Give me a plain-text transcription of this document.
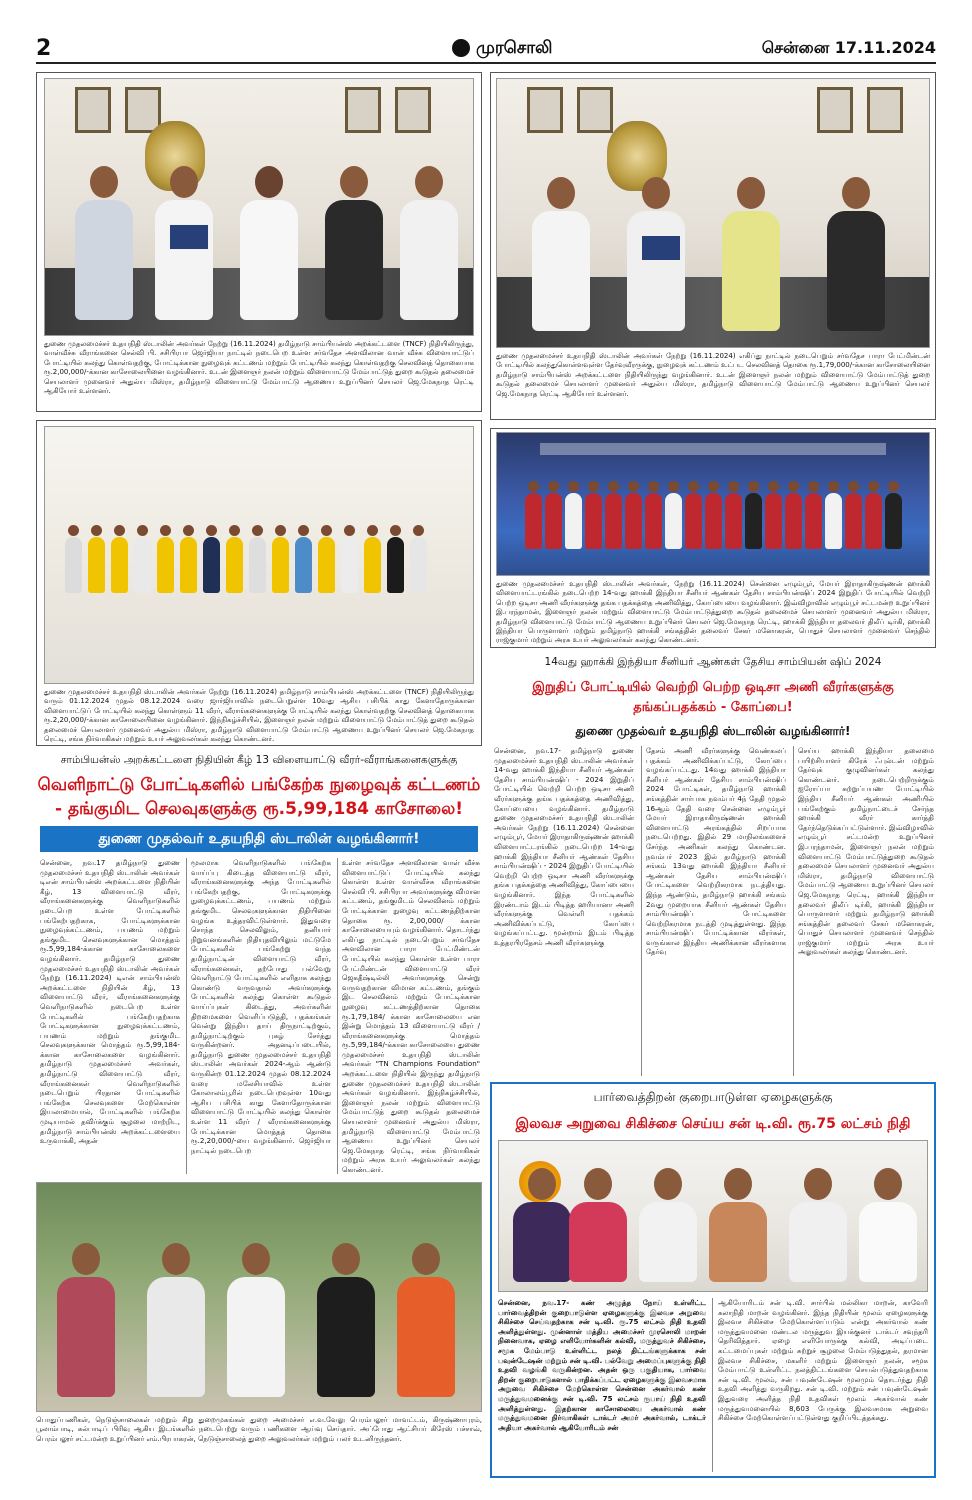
2	முரசொலி	சென்னை 17.11.2024
துணை முதலமைச்சர் உதயநிதி ஸ்டாலின் அவர்கள் நேற்று (16.11.2024) தமிழ்நாடு சாம்பியன்ஸ் அறக்கட்டளை (TNCF) நிதியிலிருந்து, வாள்வீச்சு வீராங்கனை செல்வி பி. சசிபிரபா ஜெர்ஜியா நாட்டில் நடைபெற உள்ள சர்வதேச அளவிலான வாள் வீச்சு விளையாட்டுப் போட்டியில் கலந்து கொள்வதற்கு, போட்டிக்கான நுழைவுக் கட்டணம் மற்றும் போட்டியில் கலந்து கொள்வதற்கு செலவினத் தொகையாக ரூ.2,00,000/-க்கான காசோலையினை வழங்கினார். உடன் இளைஞர் நலன் மற்றும் விளையாட்டு மேம்பாட்டுத் துறை கூடுதல் தலைமைச் செயலாளர் முனைவர் அதுல்ய மிஸ்ரா, தமிழ்நாடு விளையாட்டு மேம்பாட்டு ஆணைய உறுப்பினர் செயலர் ஜெ.மேகநாத ரெட்டி ஆகியோர் உள்ளனர்.
துணை முதலமைச்சர் உதயநிதி ஸ்டாலின் அவர்கள் நேற்று (16.11.2024) எகிப்து நாட்டில் நடைபெறும் சர்வதேச பாரா பேட்மின்டன் போட்டியில் கலந்துகொள்ளவுள்ள தேர்வுவீரருக்கு, நுழைவுக் கட்டணம் உட்பட செலவினத் தொகை ரூ.1,79,000/-க்கான காசோலையினை தமிழ்நாடு சாம்பியன்ஸ் அறக்கட்டளை நிதியிலிருந்து வழங்கினார். உடன் இளைஞர் நலன் மற்றும் விளையாட்டு மேம்பாட்டுத் துறை கூடுதல் தலைமைச் செயலாளர் முனைவர் அதுல்ய மிஸ்ரா, தமிழ்நாடு விளையாட்டு மேம்பாட்டு ஆணைய உறுப்பினர் செயலர் ஜெ.மேகநாத ரெட்டி ஆகியோர் உள்ளனர்.
துணை முதலமைச்சர் உதயநிதி ஸ்டாலின் அவர்கள் நேற்று (16.11.2024) தமிழ்நாடு சாம்பியன்ஸ் அறக்கட்டளை (TNCF) நிதியிலிருந்து வரும் 01.12.2024 முதல் 08.12.2024 வரை ஜார்ஜியாவில் நடைபெறுள்ள 10வது ஆசிய பசிபிக் காது கேளாதோருக்கான விளையாட்டுப் போட்டியில் கலந்து கொள்ளும் 11 வீரர், வீராங்கனைகளுக்கு போட்டியில் கலந்து கொள்வதற்கு செலவினத் தொகையாக ரூ.2,20,000/-க்கான காசோலையினை வழங்கினார். இந்நிகழ்ச்சியில், இளைஞர் நலன் மற்றும் விளையாட்டு மேம்பாட்டுத் துறை கூடுதல் தலைமைச் செயலாளர் முனைவர் அதுல்ய மிஸ்ரா, தமிழ்நாடு விளையாட்டு மேம்பாட்டு ஆணைய உறுப்பினர் செயலர் ஜெ.மேகநாத ரெட்டி, சங்க நிர்வாகிகள் மற்றும் உயர் அலுவலர்கள் கலந்து கொண்டனர்.
துணை முதலமைச்சர் உதயநிதி ஸ்டாலின் அவர்கள், நேற்று (16.11.2024) சென்னை எழும்பூர், மேயர் இராதாகிருஷ்ணன் ஹாக்கி விளையாட்டரங்கில் நடைபெற்ற 14-வது ஹாக்கி இந்தியா சீனியர் ஆண்கள் தேசிய சாம்பியன்ஷிப் 2024 இறுதிப் போட்டியில் வெற்றி பெற்ற ஒடிசா அணி வீரர்களுக்கு தங்க பதக்கத்தை அணிவித்து, கோப்பையை வழங்கினார். இவ்விழாவில் எழும்பூர் சட்டமன்ற உறுப்பினர் இ.பரந்தாமன், இளைஞர் நலன் மற்றும் விளையாட்டு மேம்பாட்டுத்துறை கூடுதல் தலைமைச் செயலாளர் முனைவர் அதுல்ய மிஸ்ரா, தமிழ்நாடு விளையாட்டு மேம்பாட்டு ஆணைய உறுப்பினர் செயலர் ஜெ.மேகநாத ரெட்டி, ஹாக்கி இந்தியா தலைவர் திலீப் டிர்கி, ஹாக்கி இந்தியா பொருளாளர் மற்றும் தமிழ்நாடு ஹாக்கி சங்கத்தின் தலைவர் சேகர் மனோகரன், பொதுச் செயலாளர் முனைவர் செந்தில் ராஜ்குமார் மற்றும் அரசு உயர் அலுவலர்கள் கலந்து கொண்டனர்.
14வது ஹாக்கி இந்தியா சீனியர் ஆண்கள் தேசிய சாம்பியன் ஷிப் 2024
இறுதிப் போட்டியில் வெற்றி பெற்ற ஒடிசா அணி வீரர்களுக்கு தங்கப்பதக்கம் - கோப்பை!
துணை முதல்வர் உதயநிதி ஸ்டாலின் வழங்கினார்!
சென்னை, நவ.17- தமிழ்நாடு துணை முதலமைச்சர் உதயநிதி ஸ்டாலின் அவர்கள் 14-வது ஹாக்கி இந்தியா சீனியர் ஆண்கள் தேசிய சாம்பியன்ஷிப் - 2024 இறுதிப் போட்டியில் வெற்றி பெற்ற ஒடிசா அணி வீரர்களுக்கு தங்க பதக்கத்தை அணிவித்து, கோப்பையை வழங்கினார். தமிழ்நாடு துணை முதலமைச்சர் உதயநிதி ஸ்டாலின் அவர்கள் நேற்று (16.11.2024) சென்னை எழும்பூர், மேயர் இராதாகிருஷ்ணன் ஹாக்கி விளையாட்டரங்கில் நடைபெற்ற 14-வது ஹாக்கி இந்தியா சீனியர் ஆண்கள் தேசிய சாம்பியன்ஷிப் - 2024 இறுதிப் போட்டியில் வெற்றி பெற்ற ஒடிசா அணி வீரர்களுக்கு தங்க பதக்கத்தை அணிவித்து, கோப்பையை வழங்கினார். இந்த போட்டிகளில் இரண்டாம் இடம் பிடித்த ஹரியானா அணி வீரர்களுக்கு வெள்ளி பதக்கம் அணிவிக்கப்பட்டு, கோப்பை வழங்கப்பட்டது. மூன்றாம் இடம் பிடித்த உத்தரபிரதேசம் அணி வீரர்களுக்கு
தேசம் அணி வீரர்களுக்கு வெண்கலப் பதக்கம் அணிவிக்கப்பட்டு, கோப்பை வழங்கப்பட்டது. 14வது ஹாக்கி இந்தியா சீனியர் ஆண்கள் தேசிய சாம்பியன்ஷிப் 2024 போட்டிகள், தமிழ்நாடு ஹாக்கி சங்கத்தின் சார்பாக நவம்பர் 4ந் தேதி முதல் 16ஆம் தேதி வரை சென்னை எழும்பூர் மேயர் இராதாகிருஷ்ணன் ஹாக்கி விளையாட்டு அரங்கத்தில் சிறப்பாக நடைபெற்றது. இதில் 29 மாநிலங்களைச் சேர்ந்த அணிகள் கலந்து கொண்டன. நவம்பர் 2023 இல் தமிழ்நாடு ஹாக்கி சங்கம் 13வது ஹாக்கி இந்தியா சீனியர் ஆண்கள் தேசிய சாம்பியன்ஷிப் போட்டிகளை வெற்றிகரமாக நடத்தியது. இந்த ஆண்டும், தமிழ்நாடு ஹாக்கி சங்கம் 2வது முறையாக சீனியர் ஆண்கள் தேசிய சாம்பியன்ஷிப் போட்டிகளை வெற்றிகரமாக நடத்தி முடித்துள்ளது. இந்த சாம்பியன்ஷிப் போட்டிக்கான வீரர்கள், வருங்கால இந்திய அணிக்கான வீரர்களாக தேர்வு
செய்ய ஹாக்கி இந்தியா தலைமை பயிற்சியாளர் கிரேக் ஃபுல்டன் மற்றும் தேர்வுக் குழுவினர்கள் கலந்து கொண்டனர். நடைபெற்றிருக்கும் ஐரோப்பா சுற்றுப்பயண போட்டியில் இந்திய சீனியர் ஆண்கள் அணியில் பங்கேற்கும் தமிழ்நாட்டைச் சேர்ந்த ஹாக்கி வீரர் கார்த்தி தேர்ந்தெடுக்கப்பட்டுள்ளார். இவ்விழாவில் எழும்பூர் சட்டமன்ற உறுப்பினர் இ.பரந்தாமன், இளைஞர் நலன் மற்றும் விளையாட்டு மேம்பாட்டுத்துறை கூடுதல் தலைமைச் செயலாளர் முனைவர் அதுல்ய மிஸ்ரா, தமிழ்நாடு விளையாட்டு மேம்பாட்டு ஆணைய உறுப்பினர் செயலர் ஜெ.மேகநாத ரெட்டி, ஹாக்கி இந்தியா தலைவர் திலீப் டிர்கி, ஹாக்கி இந்தியா பொருளாளர் மற்றும் தமிழ்நாடு ஹாக்கி சங்கத்தின் தலைவர் சேகர் மனோகரன், பொதுச் செயலாளர் முனைவர் செந்தில் ராஜ்குமார் மற்றும் அரசு உயர் அலுவலர்கள் கலந்து கொண்டனர்.
சாம்பியன்ஸ் அறக்கட்டளை நிதியின் கீழ் 13 விளையாட்டு வீரர்-வீராங்கனைகளுக்கு
வெளிநாட்டு போட்டிகளில் பங்கேற்க நுழைவுக் கட்டணம்
- தங்குமிட செலவுகளுக்கு ரூ.5,99,184 காசோலை!
துணை முதல்வர் உதயநிதி ஸ்டாலின் வழங்கினார்!
சென்னை, நவ.17 தமிழ்நாடு துணை முதலமைச்சர் உதயநிதி ஸ்டாலின் அவர்கள் டிஎன் சாம்பியன்ஸ் அறக்கட்டளை நிதியின் கீழ், 13 விளையாட்டு வீரர், வீராங்கனைகளுக்கு வெளிநாடுகளில் நடைபெற உள்ள போட்டிகளில் பங்கேற்பதற்காக, போட்டிகளுக்கான நுழைவுக்கட்டணம், பயணம் மற்றும் தங்குமிட செலவுகளுக்கான மொத்தம் ரூ.5,99,184-க்கான காசோலைகளை வழங்கினார். தமிழ்நாடு துணை முதலமைச்சர் உதயநிதி ஸ்டாலின் அவர்கள் நேற்று (16.11.2024) டிஎன் சாம்பியன்ஸ் அறக்கட்டளை நிதியின் கீழ், 13 விளையாட்டு வீரர், வீராங்கனைகளுக்கு வெளிநாடுகளில் நடைபெற உள்ள போட்டிகளில் பங்கேற்பதற்காக போட்டிகளுக்கான நுழைவுக்கட்டணம், பயணம் மற்றும் தங்குமிட செலவுகளுக்கான மொத்தம் ரூ.5,99,184-க்கான காசோலைகளை வழங்கினார். தமிழ்நாடு முதலமைச்சர் அவர்கள், தமிழ்நாட்டு விளையாட்டு வீரர், வீராங்கனைகள் வெளிநாடுகளில் நடைபெறும் பிரதான போட்டிகளில் பங்கேற்க செலவுகளை மேற்கொள்ள இயலாமையால், போட்டிகளில் பங்கேற்க முடியாமல் தவிர்க்கும் சூழலை மாற்றிட, தமிழ்நாடு சாம்பியன்ஸ் அறக்கட்டளையை உருவாக்கி, அதன்
மூலமாக வெளிநாடுகளில் பங்கேற்க வாய்ப்பு கிடைத்த விளையாட்டு வீரர், வீராங்கனைகளுக்கு அந்த போட்டிகளில் பங்கேற்பதற்கு, போட்டிகளுக்கு நுழைவுக்கட்டணம், பயணம் மற்றும் தங்குமிட செலவுகளுக்கான நிதியினை வழங்க உத்தரவிட்டுள்ளார். இதுவரை சொந்த செலவிலும், தனியார் நிறுவனங்களின் நிதியுதவியிலும் மட்டுமே போட்டிகளில் பங்கேற்று வந்த தமிழ்நாட்டின் விளையாட்டு வீரர், வீராங்கனைகள், தற்போது பல்வேறு வெளிநாட்டு போட்டிகளில் எளிதாக கலந்து கொண்டு வருவதால் அவர்களுக்கு போட்டிகளில் கலந்து கொள்ள கூடுதல் வாய்ப்புகள் கிடைத்து, அவர்களின் திறமைகளை வெளிப்படுத்தி, பதக்கங்கள் வென்று இந்திய தாய் திருநாட்டிற்கும், தமிழ்நாட்டிற்கும் புகழ் சேர்த்து வருகின்றனர். அதனடிப்படையில், தமிழ்நாடு துணை முதலமைச்சர் உதயநிதி ஸ்டாலின் அவர்கள் 2024-ஆம் ஆண்டு வருகின்ற 01.12.2024 முதல் 08.12.2024 வரை மலேசியாவில் உள்ள கோலாலம்பூரில் நடைபெறவுள்ள 10வது ஆசிய பசிபிக் காது கேளாதோருக்கான விளையாட்டு போட்டியில் கலந்து கொள்ள உள்ள 11 வீரர் / வீராங்கனைகளுக்கு போட்டிக்கான மொத்தத் தொகை ரூ.2,20,000/-யை வழங்கினார். ஜெர்ஜியா நாட்டில் நடைபெற
உள்ள சர்வதேச அளவிலான வாள் வீச்சு விளையாட்டுப் போட்டியில் கலந்து கொள்ள உள்ள வாள்வீச்சு வீராங்கனை செல்வி பி. சசிபிரபா அவர்களுக்கு விமான கட்டணம், தங்குமிடம் செலவினம் மற்றும் போட்டிக்கான நுழைவு கட்டணத்திற்கான தொகை ரூ. 2,00,000/ க்கான காசோலையையும் வழங்கினார். தொடர்ந்து எகிப்து நாட்டில் நடைபெறும் சர்வதேச அளவிலான பாரா பேட்மிண்டன் போட்டியில் கலந்து கொள்ள உள்ள பாரா பேட்மிண்டன் விளையாட்டு வீரர் ஜெகதீஷ்டில்லி அவர்களுக்கு சென்று வருவதற்கான விமான கட்டணம், தங்கும் இட செலவினம் மற்றும் போட்டிக்கான நுழைவு கட்டணத்திற்கான தொகை ரூ.1,79,184/ க்கான காசோலையை என இன்று மொத்தம் 13 விளையாட்டு வீரர் / வீராங்கனைகளுக்கு மொத்தம் ரூ.5,99,184/-க்கான காசோலையை துணை முதலமைச்சர் உதயநிதி ஸ்டாலின் அவர்கள் "TN Champions Foundation" அறக்கட்டளை நிதியில் இருந்து தமிழ்நாடு துணை முதலமைச்சர் உதயநிதி ஸ்டாலின் அவர்கள் வழங்கினார். இந்நிகழ்ச்சியில், இளைஞர் நலன் மற்றும் விளையாட்டு மேம்பாட்டுத் துறை கூடுதல் தலைமைச் செயலாளர் முனைவர் அதுல்ய மிஸ்ரா, தமிழ்நாடு விளையாட்டு மேம்பாட்டு ஆணைய உறுப்பினர் செயலர் ஜெ.மேகநாத ரெட்டி, சங்க நிர்வாகிகள் மற்றும் அரசு உயர் அலுவலர்கள் கலந்து கொண்டனர்.
பொதுப்பணிகள், நெடுஞ்சாலைகள் மற்றும் சிறு துறைமுகங்கள் துறை அமைச்சர் எ.வ.வேலு பெரம்பலூர் மாவட்டம், கிருஷ்ணாபுரம், பூலாம்பாடி, கல்பாடிப் பிரிவு ஆகிய இடங்களில் நடைபெற்று வரும் பணிகளை ஆய்வு செய்தார். அப்போது ஆட்சியர் கிரேஸ் பச்சாவ், பெரம்பலூர் சட்டமன்ற உறுப்பினர் எம்.பிரபாகரன், நெடுஞ்சாலைத் துறை அலுவலர்கள் மற்றும் பலர் உடனிருந்தனர்.
பார்வைத்திறன் குறைபாடுள்ள ஏழைகளுக்கு
இலவச அறுவை சிகிச்சை செய்ய சன் டி.வி. ரூ.75 லட்சம் நிதி
சென்னை, நவ.17- கண் அழுத்த நோய் உள்ளிட்ட பார்வைத்திறன் குறைபாடுள்ள ஏழைகளுக்கு இலவச அறுவை சிகிச்சை செய்வதற்காக சன் டி.வி. ரூ.75 லட்சம் நிதி உதவி அளித்துள்ளது. முன்னாள் மத்திய அமைச்சர் முரசொலி மாறன் நினைவாக, ஏழை எளியோர்களின் கல்வி, மருத்துவச் சிகிச்சை, சமூக மேம்பாடு உள்ளிட்ட நலத் திட்டங்களுக்காக சன் பவுன்டேஷன் மற்றும் சன் டி.வி. பல்வேறு அமைப்புகளுக்கு நிதி உதவி வழங்கி வருகின்றன. அதன் ஒரு பகுதியாக, பார்வை திறன் குறைபாடுகளால் பாதிக்கப்பட்ட ஏழைகளுக்கு இலவசமாக அறுவை சிகிச்சை மேற்கொள்ள சென்னை அகர்வால் கண் மருத்துவமனைக்கு சன் டி.வி. 75 லட்சம் ரூபாய் நிதி உதவி அளித்துள்ளது. இதற்கான காசோலையை அகர்வால் கண் மருத்துவமனை நிர்வாகிகள் டாக்டர் அமர் அகர்வால், டாக்டர் அதியா அகர்வால் ஆகியோரிடம் சன்
ஆகியோரிடம் சன் டி.வி. சார்பில் மல்லிகா மாறன், காவேரி கலாநிதி மாறன் வழங்கினர். இந்த நிதியின் மூலம் ஏழைகளுக்கு இலவச சிகிச்சை மேற்கொள்ளப்படும் என்று அகர்வால் கண் மருத்துவமனை மண்டல மருத்துவ இயக்குனர் டாக்டர் சவுந்தரி தெரிவித்தார். ஏழை எளியோருக்கு கல்வி, அடிப்படை கட்டமைப்புகள் மற்றும் சுற்றுச் சூழலை மேம்படுத்துதல், தரமான இலவச சிகிச்சை, மகளிர் மற்றும் இளைஞர் நலன், சமூக மேம்பாட்டு உள்ளிட்ட நலத்திட்டங்களை செயல்படுத்துவதற்காக சன் டி.வி. மூலம், சன் பவுண்டேஷன் மூலமும் தொடர்ந்து நிதி உதவி அளித்து வருகிறது. சன் டி.வி. மற்றும் சன் பவுண்டேஷன் இதுவரை அளித்த நிதி உதவிகள் மூலம் அகர்வால் கண் மருத்துவமனையில் 8,603 பேருக்கு இலவசமாக அறுவை சிகிச்சை மேற்கொள்ளப்பட்டுள்ளது குறிப்பிடத்தக்கது.
